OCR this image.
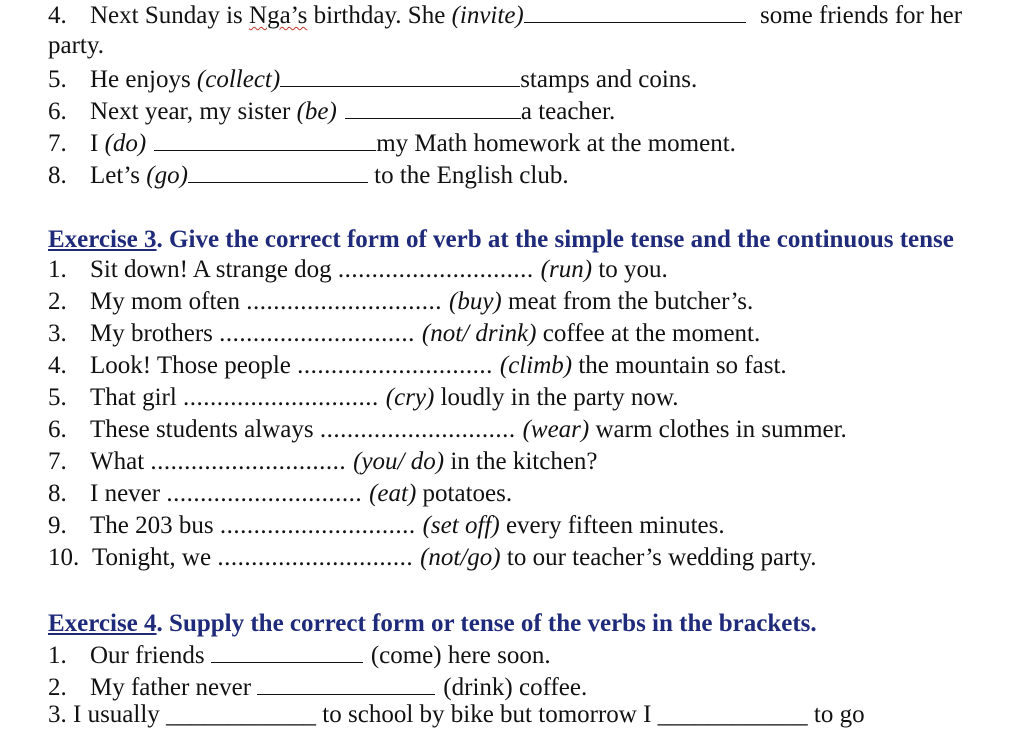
4. Next Sunday is Nga’s birthday. She (invite)	some friends for her
party.
5. He enjoys (collect)	stamps and coins.
6. Next year, my sister (be)	a teacher.
7. I (do)	my Math homework at the moment.
8. Let’s (go)	to the English club.
Exercise 3. Give the correct form of verb at the simple tense and the continuous tense
1. Sit down! A strange dog ............................. (run) to you.
2. My mom often ............................. (buy) meat from the butcher’s.
3. My brothers ............................. (not/ drink) coffee at the moment.
4. Look! Those people ............................. (climb) the mountain so fast.
5. That girl ............................. (cry) loudly in the party now.
6. These students always ............................. (wear) warm clothes in summer.
7. What ............................. (you/ do) in the kitchen?
8. I never ............................. (eat) potatoes.
9. The 203 bus ............................. (set off) every fifteen minutes.
10. Tonight, we ............................. (not/go) to our teacher’s wedding party.
Exercise 4. Supply the correct form or tense of the verbs in the brackets.
1. Our friends	(come) here soon.
2. My father never	(drink) coffee.
3. I usually ____________ to school by bike but tomorrow I ____________ to go
